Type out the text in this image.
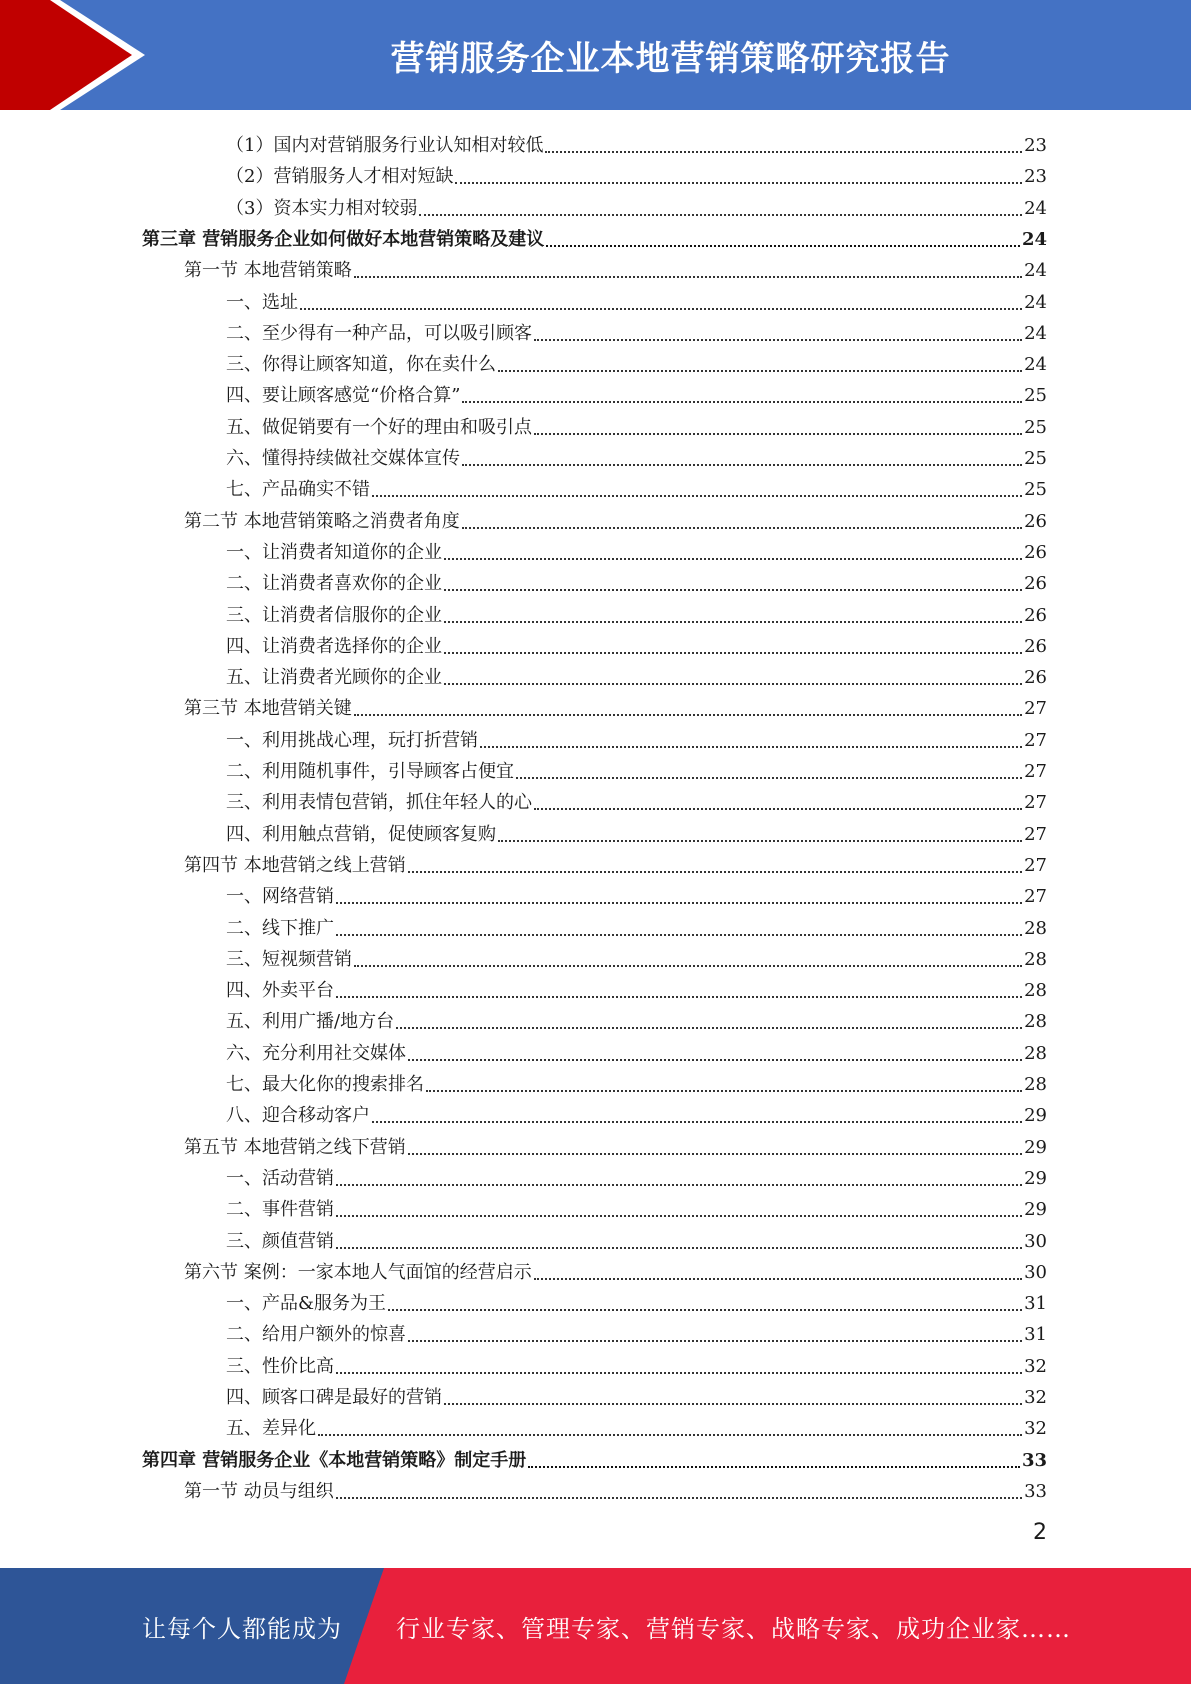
营销服务企业本地营销策略研究报告
（1）国内对营销服务行业认知相对较低	23
（2）营销服务人才相对短缺	23
（3）资本实力相对较弱	24
第三章 营销服务企业如何做好本地营销策略及建议	24
第一节 本地营销策略	24
一、选址	24
二、至少得有一种产品，可以吸引顾客	24
三、你得让顾客知道，你在卖什么	24
四、要让顾客感觉“价格合算”	25
五、做促销要有一个好的理由和吸引点	25
六、懂得持续做社交媒体宣传	25
七、产品确实不错	25
第二节 本地营销策略之消费者角度	26
一、让消费者知道你的企业	26
二、让消费者喜欢你的企业	26
三、让消费者信服你的企业	26
四、让消费者选择你的企业	26
五、让消费者光顾你的企业	26
第三节 本地营销关键	27
一、利用挑战心理，玩打折营销	27
二、利用随机事件，引导顾客占便宜	27
三、利用表情包营销，抓住年轻人的心	27
四、利用触点营销，促使顾客复购	27
第四节 本地营销之线上营销	27
一、网络营销	27
二、线下推广	28
三、短视频营销	28
四、外卖平台	28
五、利用广播/地方台	28
六、充分利用社交媒体	28
七、最大化你的搜索排名	28
八、迎合移动客户	29
第五节 本地营销之线下营销	29
一、活动营销	29
二、事件营销	29
三、颜值营销	30
第六节 案例：一家本地人气面馆的经营启示	30
一、产品&服务为王	31
二、给用户额外的惊喜	31
三、性价比高	32
四、顾客口碑是最好的营销	32
五、差异化	32
第四章 营销服务企业《本地营销策略》制定手册	33
第一节 动员与组织	33
2
让每个人都能成为 行业专家、管理专家、营销专家、战略专家、成功企业家……
